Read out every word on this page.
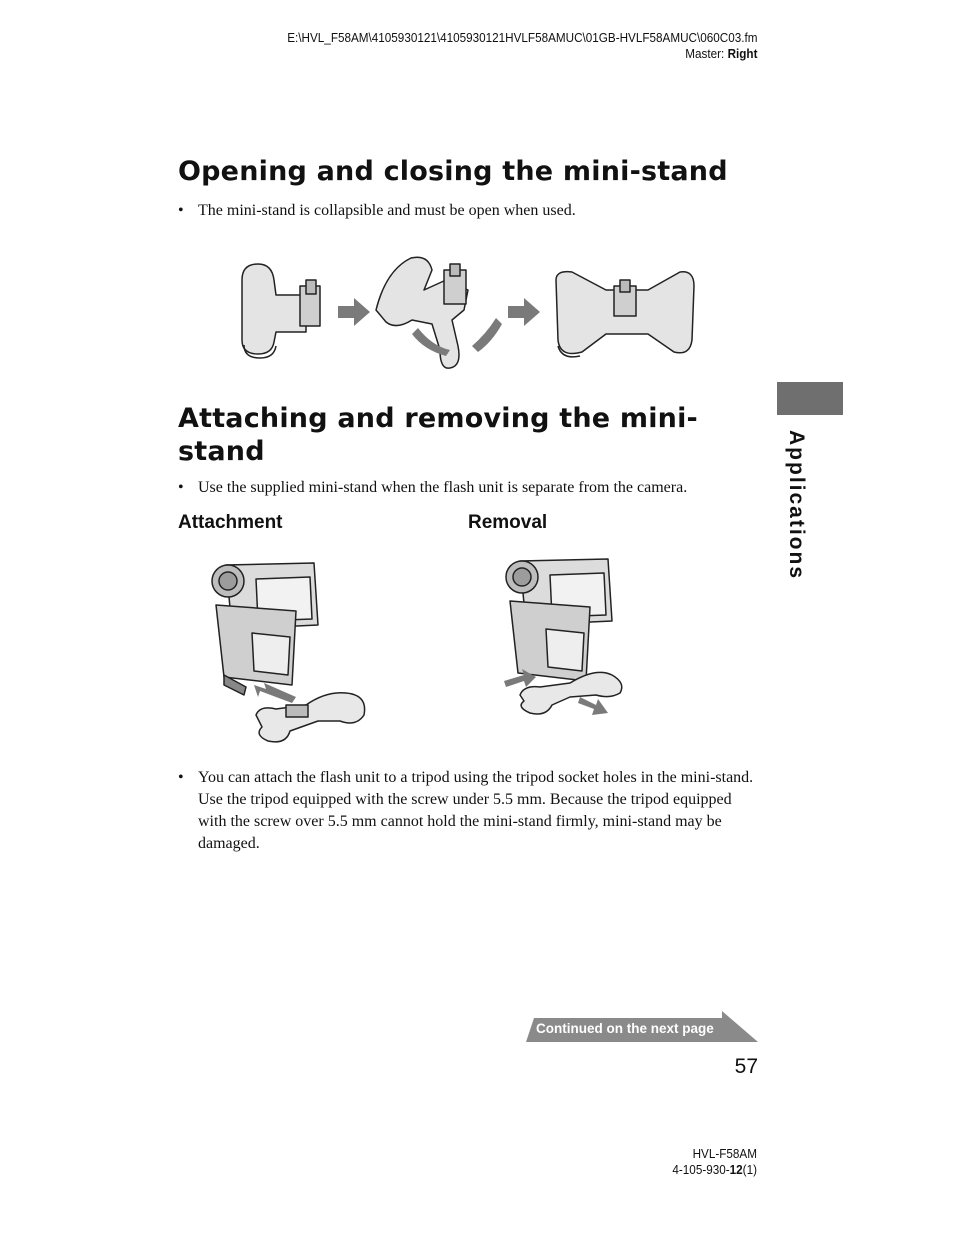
E:\HVL_F58AM\4105930121\4105930121HVLF58AMUC\01GB-HVLF58AMUC\060C03.fm
Master: Right
Opening and closing the mini-stand
• The mini-stand is collapsible and must be open when used.
Attaching and removing the mini-
stand
• Use the supplied mini-stand when the flash unit is separate from the camera.
Attachment	Removal
• You can attach the flash unit to a tripod using the tripod socket holes in the mini-stand. Use the tripod equipped with the screw under 5.5 mm. Because the tripod equipped with the screw over 5.5 mm cannot hold the mini-stand firmly, mini-stand may be damaged.
Applications
Continued on the next page
57
HVL-F58AM
4-105-930-12(1)
